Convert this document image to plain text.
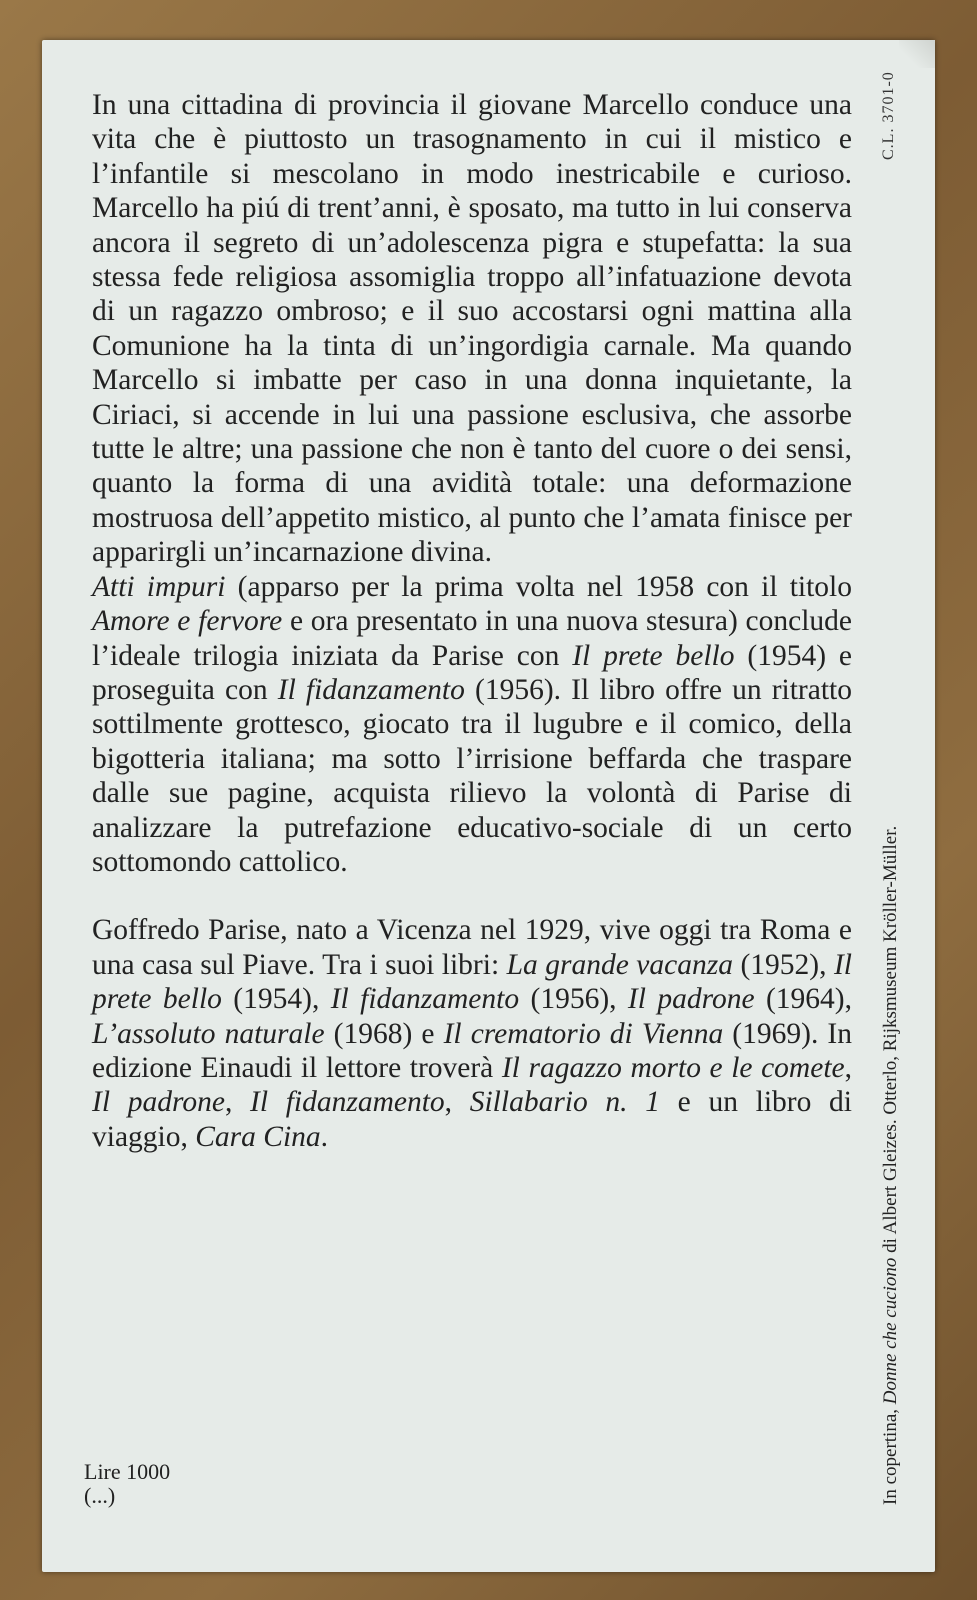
In una cittadina di provincia il giovane Marcello conduce una vita che è piuttosto un trasognamento in cui il mistico e l’infantile si mescolano in modo inestricabile e curioso. Marcello ha piú di trent’anni, è sposato, ma tutto in lui conserva ancora il segreto di un’adolescenza pigra e stupefatta: la sua stessa fede religiosa assomiglia troppo all’infatuazione devota di un ragazzo ombroso; e il suo accostarsi ogni mattina alla Comunione ha la tinta di un’ingordigia carnale. Ma quando Marcello si imbatte per caso in una donna inquietante, la Ciriaci, si accende in lui una passione esclusiva, che assorbe tutte le altre; una passione che non è tanto del cuore o dei sensi, quanto la forma di una avidità totale: una deformazione mostruosa dell’appetito mistico, al punto che l’amata finisce per apparirgli un’incarnazione divina.

Atti impuri (apparso per la prima volta nel 1958 con il titolo Amore e fervore e ora presentato in una nuova stesura) conclude l’ideale trilogia iniziata da Parise con Il prete bello (1954) e proseguita con Il fidanzamento (1956). Il libro offre un ritratto sottilmente grottesco, giocato tra il lugubre e il comico, della bigotteria italiana; ma sotto l’irrisione beffarda che traspare dalle sue pagine, acquista rilievo la volontà di Parise di analizzare la putrefazione educativo-sociale di un certo sottomondo cattolico.

Goffredo Parise, nato a Vicenza nel 1929, vive oggi tra Roma e una casa sul Piave. Tra i suoi libri: La grande vacanza (1952), Il prete bello (1954), Il fidanzamento (1956), Il padrone (1964), L’assoluto naturale (1968) e Il crematorio di Vienna (1969). In edizione Einaudi il lettore troverà Il ragazzo morto e le comete, Il padrone, Il fidanzamento, Sillabario n. 1 e un libro di viaggio, Cara Cina.

Lire 1000
(...)	In copertina, Donne che cuciono di Albert Gleizes. Otterlo, Rijksmuseum Kröller-Müller.
C.L. 3701-0
